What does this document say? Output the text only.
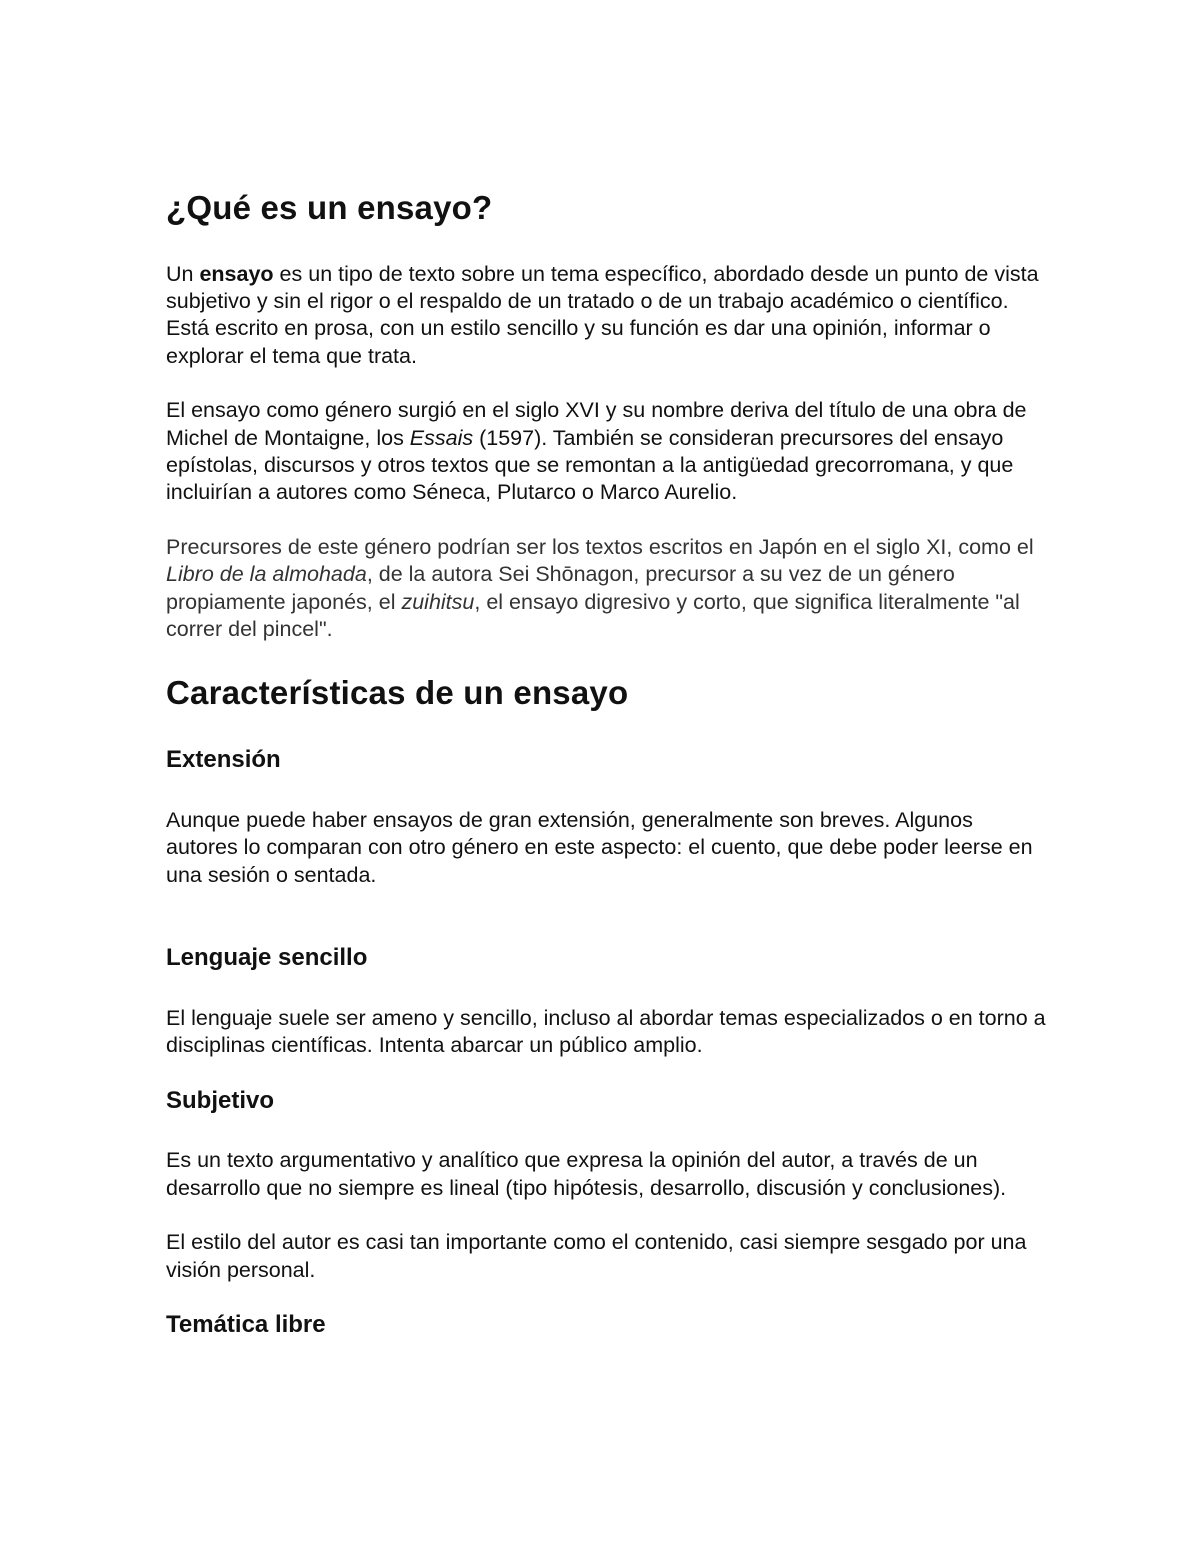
¿Qué es un ensayo?

Un ensayo es un tipo de texto sobre un tema específico, abordado desde un punto de vista subjetivo y sin el rigor o el respaldo de un tratado o de un trabajo académico o científico. Está escrito en prosa, con un estilo sencillo y su función es dar una opinión, informar o explorar el tema que trata.

El ensayo como género surgió en el siglo XVI y su nombre deriva del título de una obra de Michel de Montaigne, los Essais (1597). También se consideran precursores del ensayo epístolas, discursos y otros textos que se remontan a la antigüedad grecorromana, y que incluirían a autores como Séneca, Plutarco o Marco Aurelio.

Precursores de este género podrían ser los textos escritos en Japón en el siglo XI, como el Libro de la almohada, de la autora Sei Shōnagon, precursor a su vez de un género propiamente japonés, el zuihitsu, el ensayo digresivo y corto, que significa literalmente "al correr del pincel".

Características de un ensayo
Extensión

Aunque puede haber ensayos de gran extensión, generalmente son breves. Algunos autores lo comparan con otro género en este aspecto: el cuento, que debe poder leerse en una sesión o sentada.

Lenguaje sencillo

El lenguaje suele ser ameno y sencillo, incluso al abordar temas especializados o en torno a disciplinas científicas. Intenta abarcar un público amplio.

Subjetivo

Es un texto argumentativo y analítico que expresa la opinión del autor, a través de un desarrollo que no siempre es lineal (tipo hipótesis, desarrollo, discusión y conclusiones).

El estilo del autor es casi tan importante como el contenido, casi siempre sesgado por una visión personal.

Temática libre
